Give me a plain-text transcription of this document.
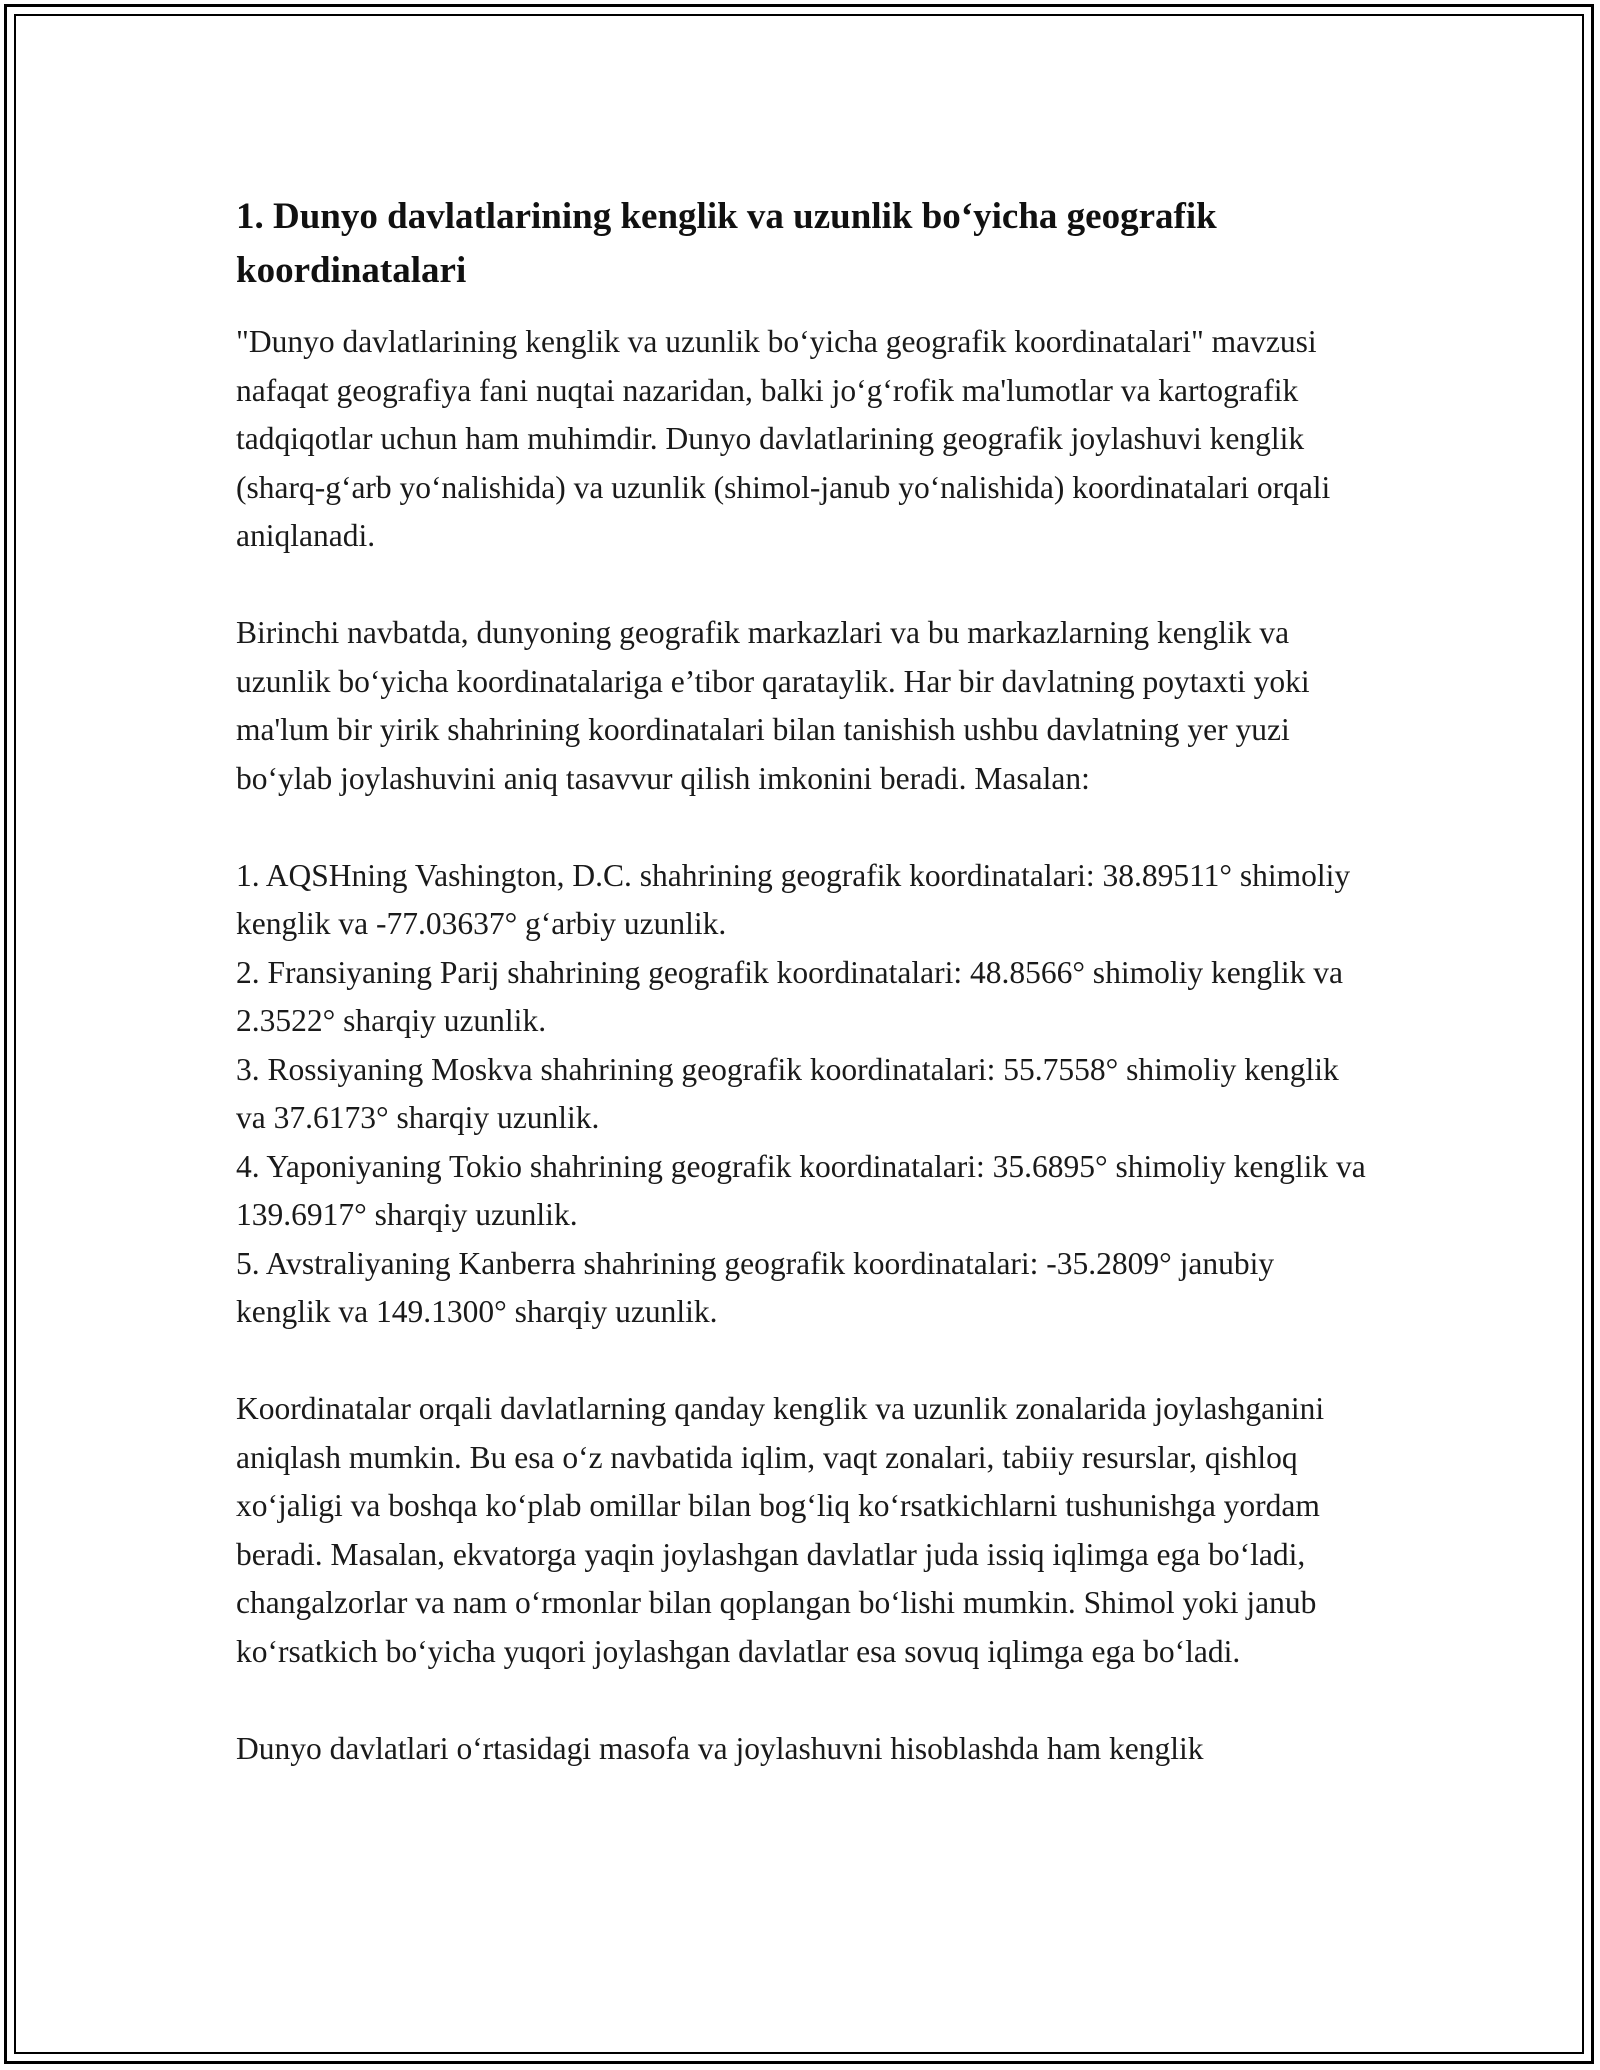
1. Dunyo davlatlarining kenglik va uzunlik bo‘yicha geografik
koordinatalari

"Dunyo davlatlarining kenglik va uzunlik bo‘yicha geografik koordinatalari" mavzusi nafaqat geografiya fani nuqtai nazaridan, balki jo‘g‘rofik ma'lumotlar va kartografik tadqiqotlar uchun ham muhimdir. Dunyo davlatlarining geografik joylashuvi kenglik (sharq-g‘arb yo‘nalishida) va uzunlik (shimol-janub yo‘nalishida) koordinatalari orqali aniqlanadi.

Birinchi navbatda, dunyoning geografik markazlari va bu markazlarning kenglik va uzunlik bo‘yicha koordinatalariga e’tibor qarataylik. Har bir davlatning poytaxti yoki ma'lum bir yirik shahrining koordinatalari bilan tanishish ushbu davlatning yer yuzi bo‘ylab joylashuvini aniq tasavvur qilish imkonini beradi. Masalan:

1. AQSHning Vashington, D.C. shahrining geografik koordinatalari: 38.89511° shimoliy kenglik va -77.03637° g‘arbiy uzunlik.
2. Fransiyaning Parij shahrining geografik koordinatalari: 48.8566° shimoliy kenglik va 2.3522° sharqiy uzunlik.
3. Rossiyaning Moskva shahrining geografik koordinatalari: 55.7558° shimoliy kenglik va 37.6173° sharqiy uzunlik.
4. Yaponiyaning Tokio shahrining geografik koordinatalari: 35.6895° shimoliy kenglik va 139.6917° sharqiy uzunlik.
5. Avstraliyaning Kanberra shahrining geografik koordinatalari: -35.2809° janubiy kenglik va 149.1300° sharqiy uzunlik.

Koordinatalar orqali davlatlarning qanday kenglik va uzunlik zonalarida joylashganini aniqlash mumkin. Bu esa o‘z navbatida iqlim, vaqt zonalari, tabiiy resurslar, qishloq xo‘jaligi va boshqa ko‘plab omillar bilan bog‘liq ko‘rsatkichlarni tushunishga yordam beradi. Masalan, ekvatorga yaqin joylashgan davlatlar juda issiq iqlimga ega bo‘ladi, changalzorlar va nam o‘rmonlar bilan qoplangan bo‘lishi mumkin. Shimol yoki janub ko‘rsatkich bo‘yicha yuqori joylashgan davlatlar esa sovuq iqlimga ega bo‘ladi.

Dunyo davlatlari o‘rtasidagi masofa va joylashuvni hisoblashda ham kenglik
